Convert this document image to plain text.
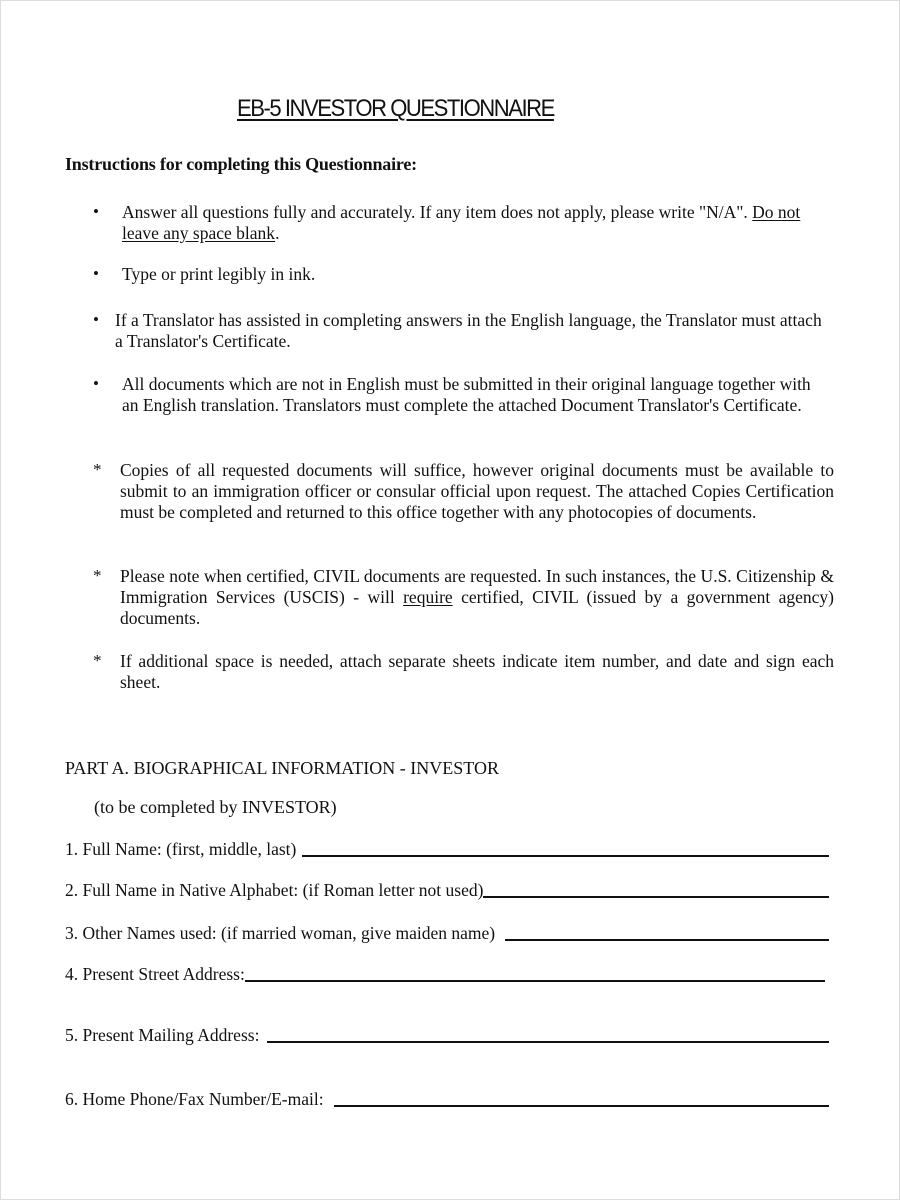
EB-5 INVESTOR QUESTIONNAIRE
Instructions for completing this Questionnaire:
• Answer all questions fully and accurately. If any item does not apply, please write "N/A". Do not leave any space blank.
• Type or print legibly in ink.
• If a Translator has assisted in completing answers in the English language, the Translator must attach a Translator's Certificate.
• All documents which are not in English must be submitted in their original language together with an English translation. Translators must complete the attached Document Translator's Certificate.
* Copies of all requested documents will suffice, however original documents must be available to submit to an immigration officer or consular official upon request. The attached Copies Certification must be completed and returned to this office together with any photocopies of documents.
* Please note when certified, CIVIL documents are requested. In such instances, the U.S. Citizenship & Immigration Services (USCIS) - will require certified, CIVIL (issued by a government agency) documents.
* If additional space is needed, attach separate sheets indicate item number, and date and sign each sheet.
PART A. BIOGRAPHICAL INFORMATION - INVESTOR
(to be completed by INVESTOR)
1. Full Name: (first, middle, last)
2. Full Name in Native Alphabet: (if Roman letter not used)
3. Other Names used: (if married woman, give maiden name)
4. Present Street Address:
5. Present Mailing Address:
6. Home Phone/Fax Number/E-mail:
